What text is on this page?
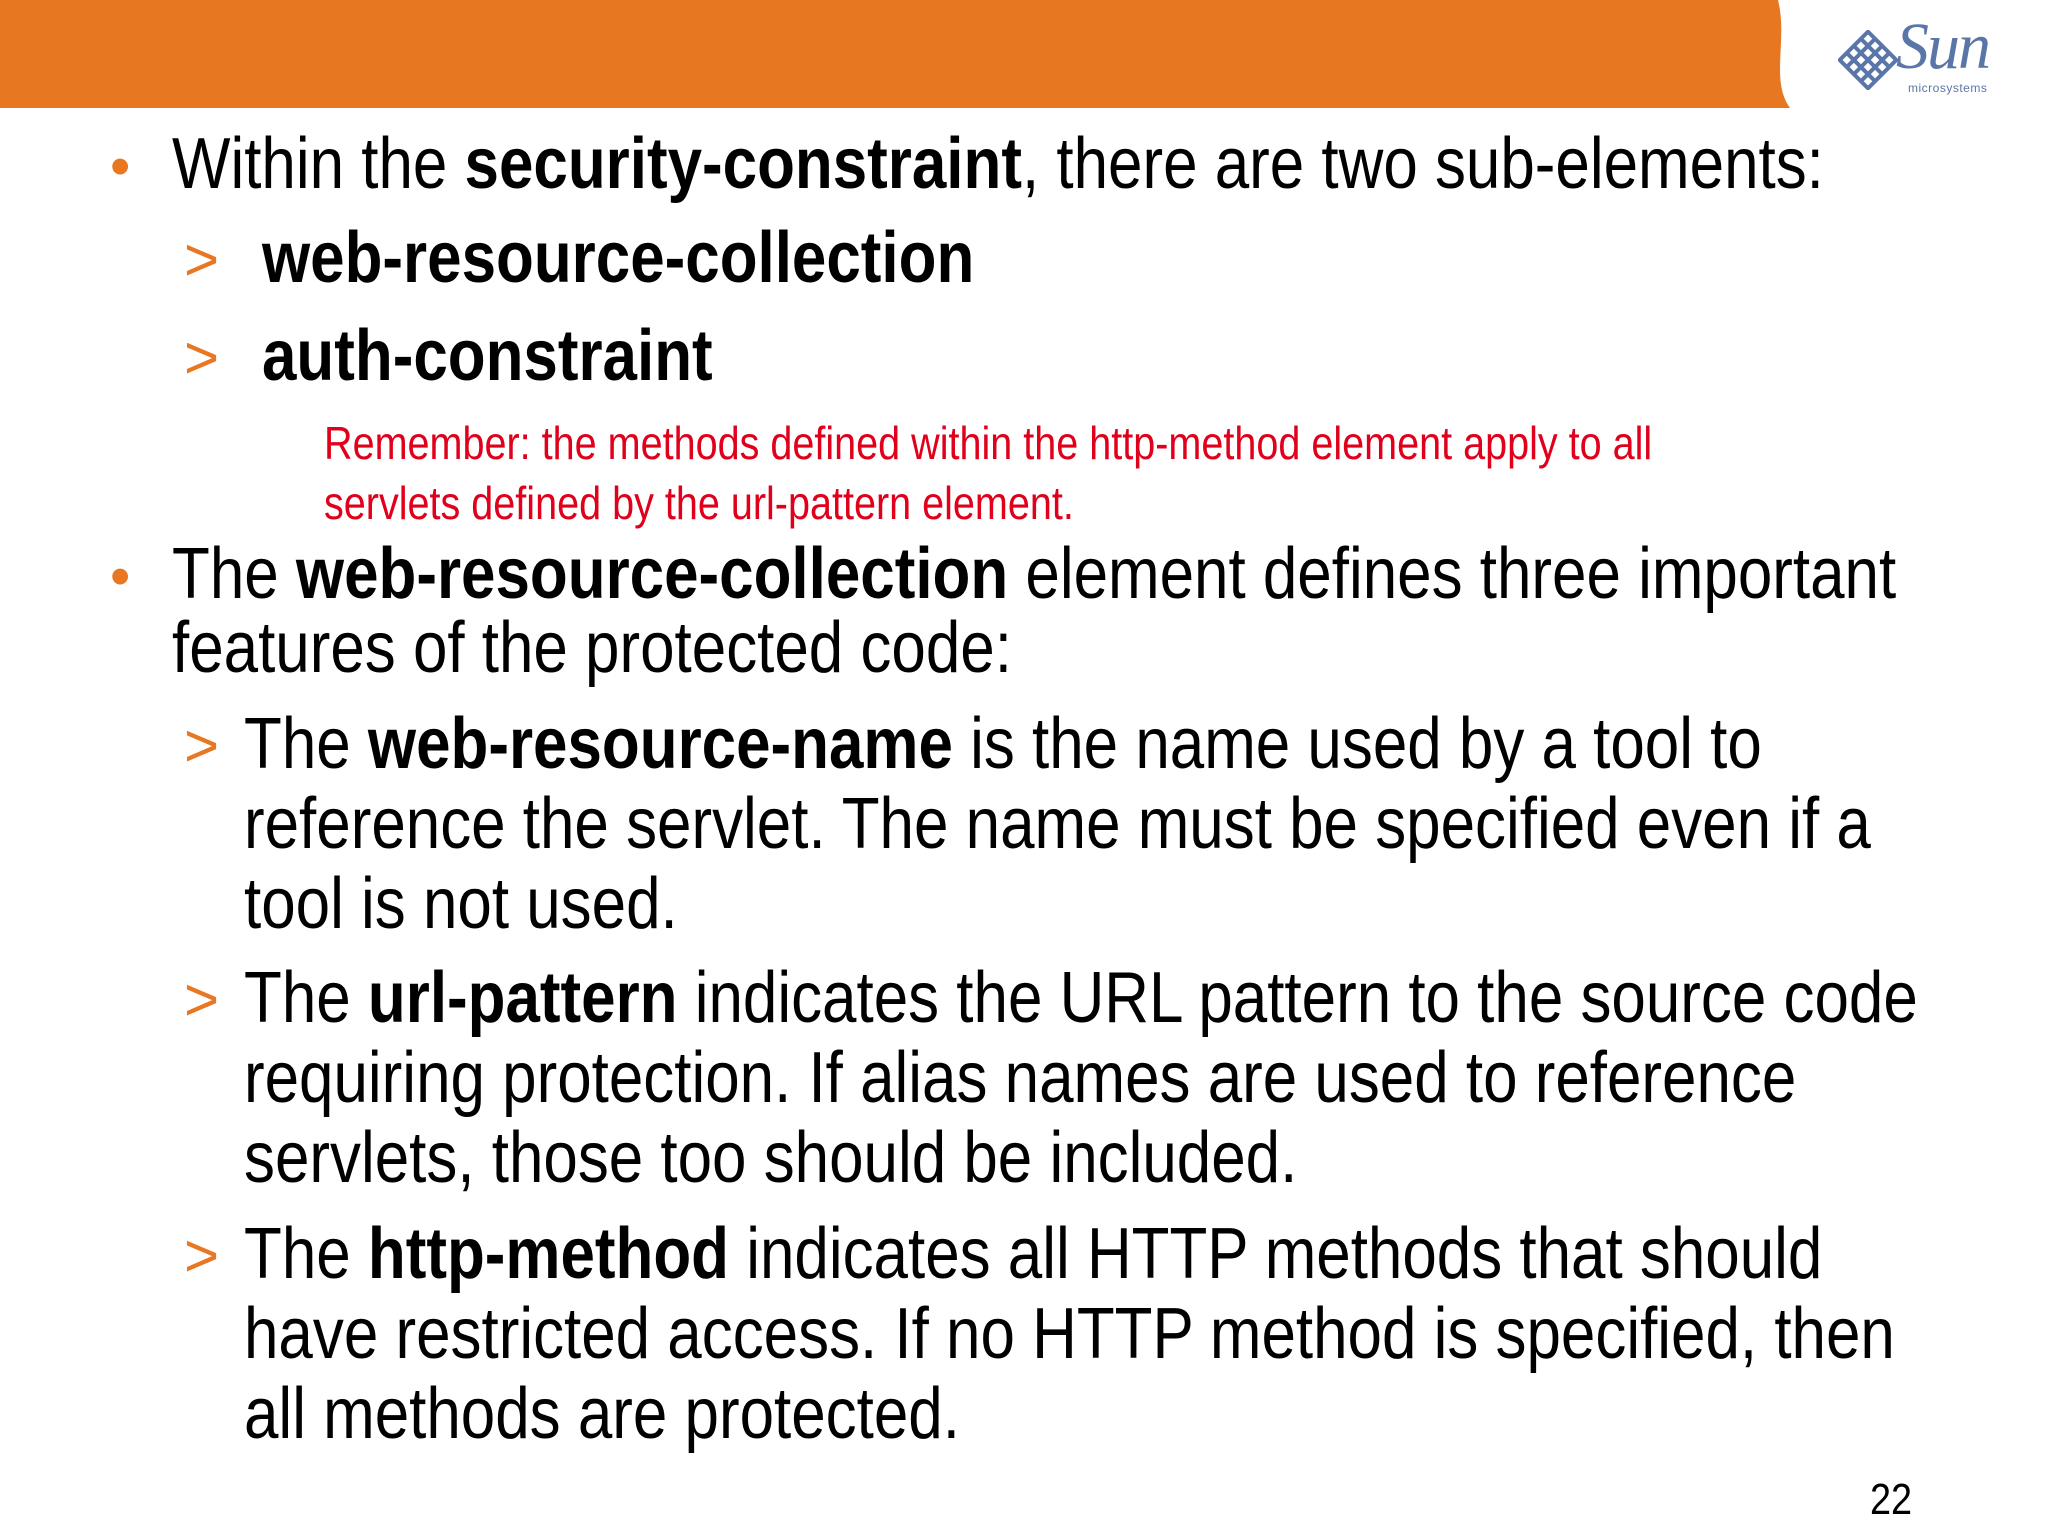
Sun
microsystems
• Within the security-constraint, there are two sub-elements:
> web-resource-collection
> auth-constraint
Remember: the methods defined within the http-method element apply to all
servlets defined by the url-pattern element.
• The web-resource-collection element defines three important
features of the protected code:
> The web-resource-name is the name used by a tool to
reference the servlet. The name must be specified even if a
tool is not used.
> The url-pattern indicates the URL pattern to the source code
requiring protection. If alias names are used to reference
servlets, those too should be included.
> The http-method indicates all HTTP methods that should
have restricted access. If no HTTP method is specified, then
all methods are protected.
22
